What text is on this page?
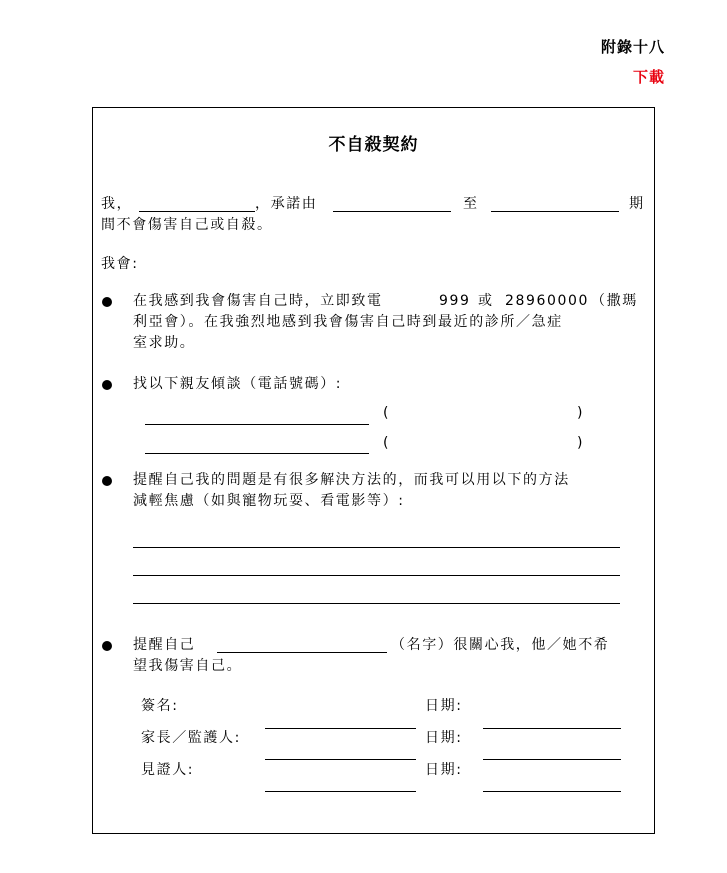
附錄十八
下載
不自殺契約
我，	，承諾由	至	期
間不會傷害自己或自殺。
我會:
在我感到我會傷害自己時，立即致電	999 或 28960000 （撒瑪
利亞會）。在我強烈地感到我會傷害自己時到最近的診所／急症
室求助。
找以下親友傾談（電話號碼）:
(	)
(	)
提醒自己我的問題是有很多解決方法的，而我可以用以下的方法
減輕焦慮（如與寵物玩耍、看電影等）:
提醒自己	（名字）很關心我，他／她不希
望我傷害自己。
簽名:	日期:
家長／監護人:	日期:
見證人:	日期:
